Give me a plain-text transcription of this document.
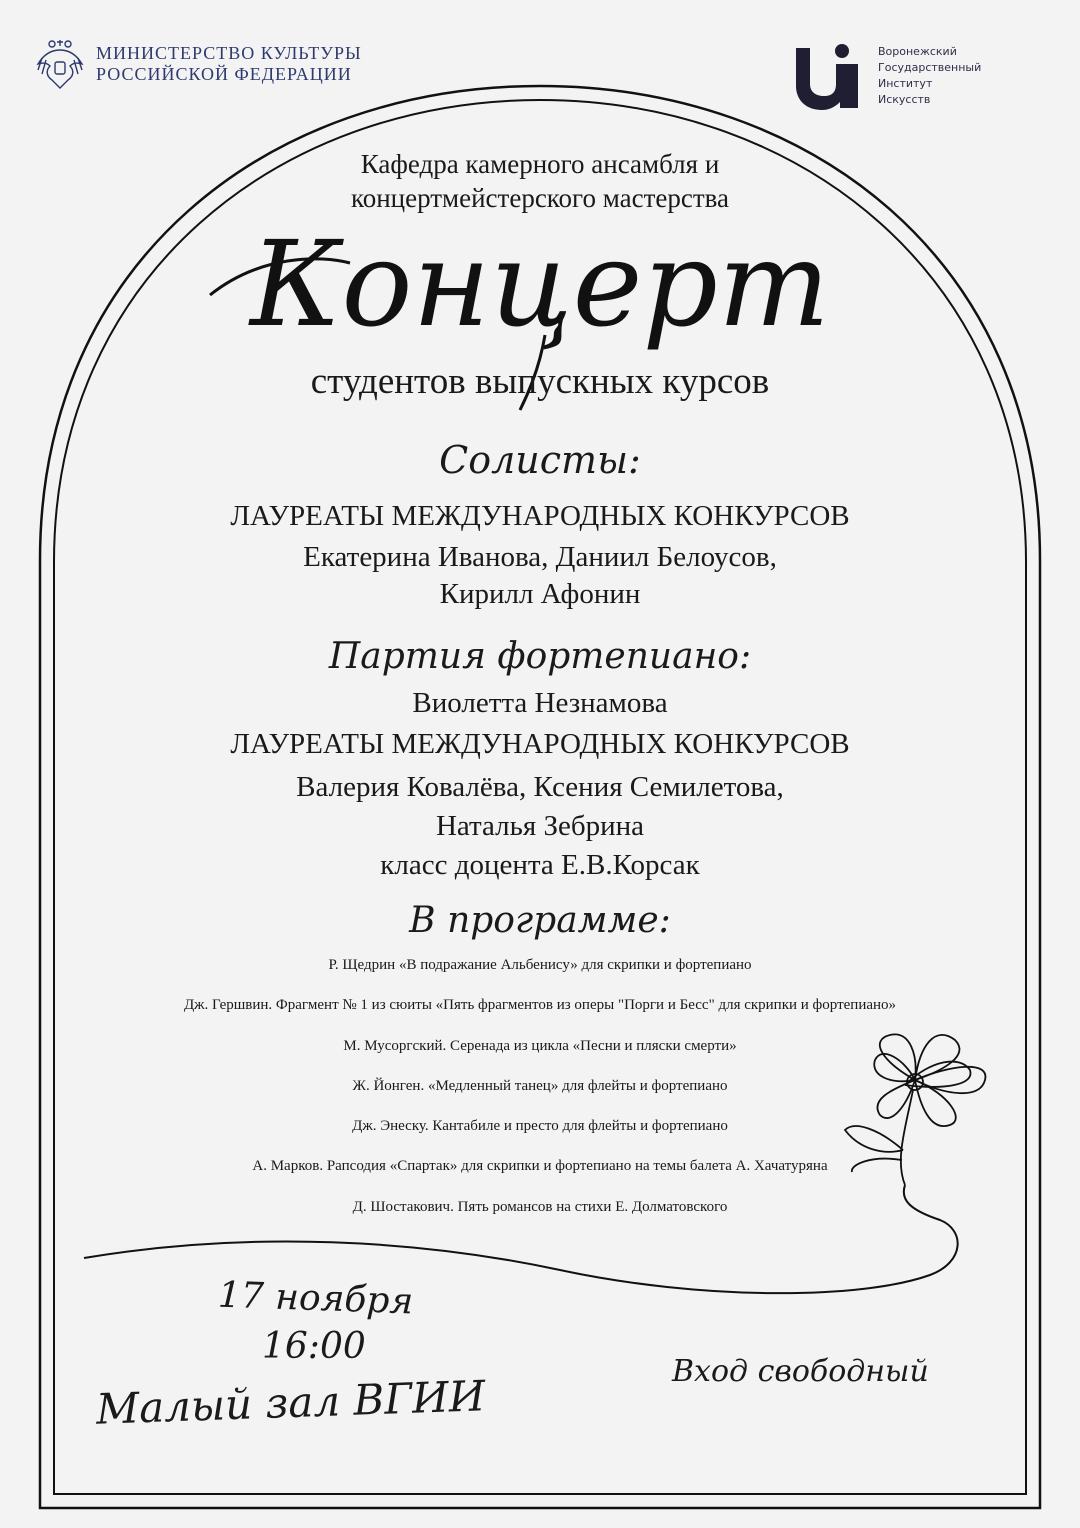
МИНИСТЕРСТВО КУЛЬТУРЫ
РОССИЙСКОЙ ФЕДЕРАЦИИ
Воронежский
Государственный
Институт
Искусств
Кафедра камерного ансамбля и
концертмейстерского мастерства
Концерт
студентов выпускных курсов
Солисты:
ЛАУРЕАТЫ МЕЖДУНАРОДНЫХ КОНКУРСОВ
Екатерина Иванова, Даниил Белоусов,
Кирилл Афонин
Партия фортепиано:
Виолетта Незнамова
ЛАУРЕАТЫ МЕЖДУНАРОДНЫХ КОНКУРСОВ
Валерия Ковалёва, Ксения Семилетова,
Наталья Зебрина
класс доцента Е.В.Корсак
В программе:
Р. Щедрин «В подражание Альбенису» для скрипки и фортепиано
Дж. Гершвин. Фрагмент № 1 из сюиты «Пять фрагментов из оперы "Порги и Бесс" для скрипки и фортепиано»
М. Мусоргский. Серенада из цикла «Песни и пляски смерти»
Ж. Йонген. «Медленный танец» для флейты и фортепиано
Дж. Энеску. Кантабиле и престо для флейты и фортепиано
А. Марков. Рапсодия «Спартак» для скрипки и фортепиано на темы балета А. Хачатуряна
Д. Шостакович. Пять романсов на стихи Е. Долматовского
17 ноября
16:00
Малый зал ВГИИ	Вход свободный
